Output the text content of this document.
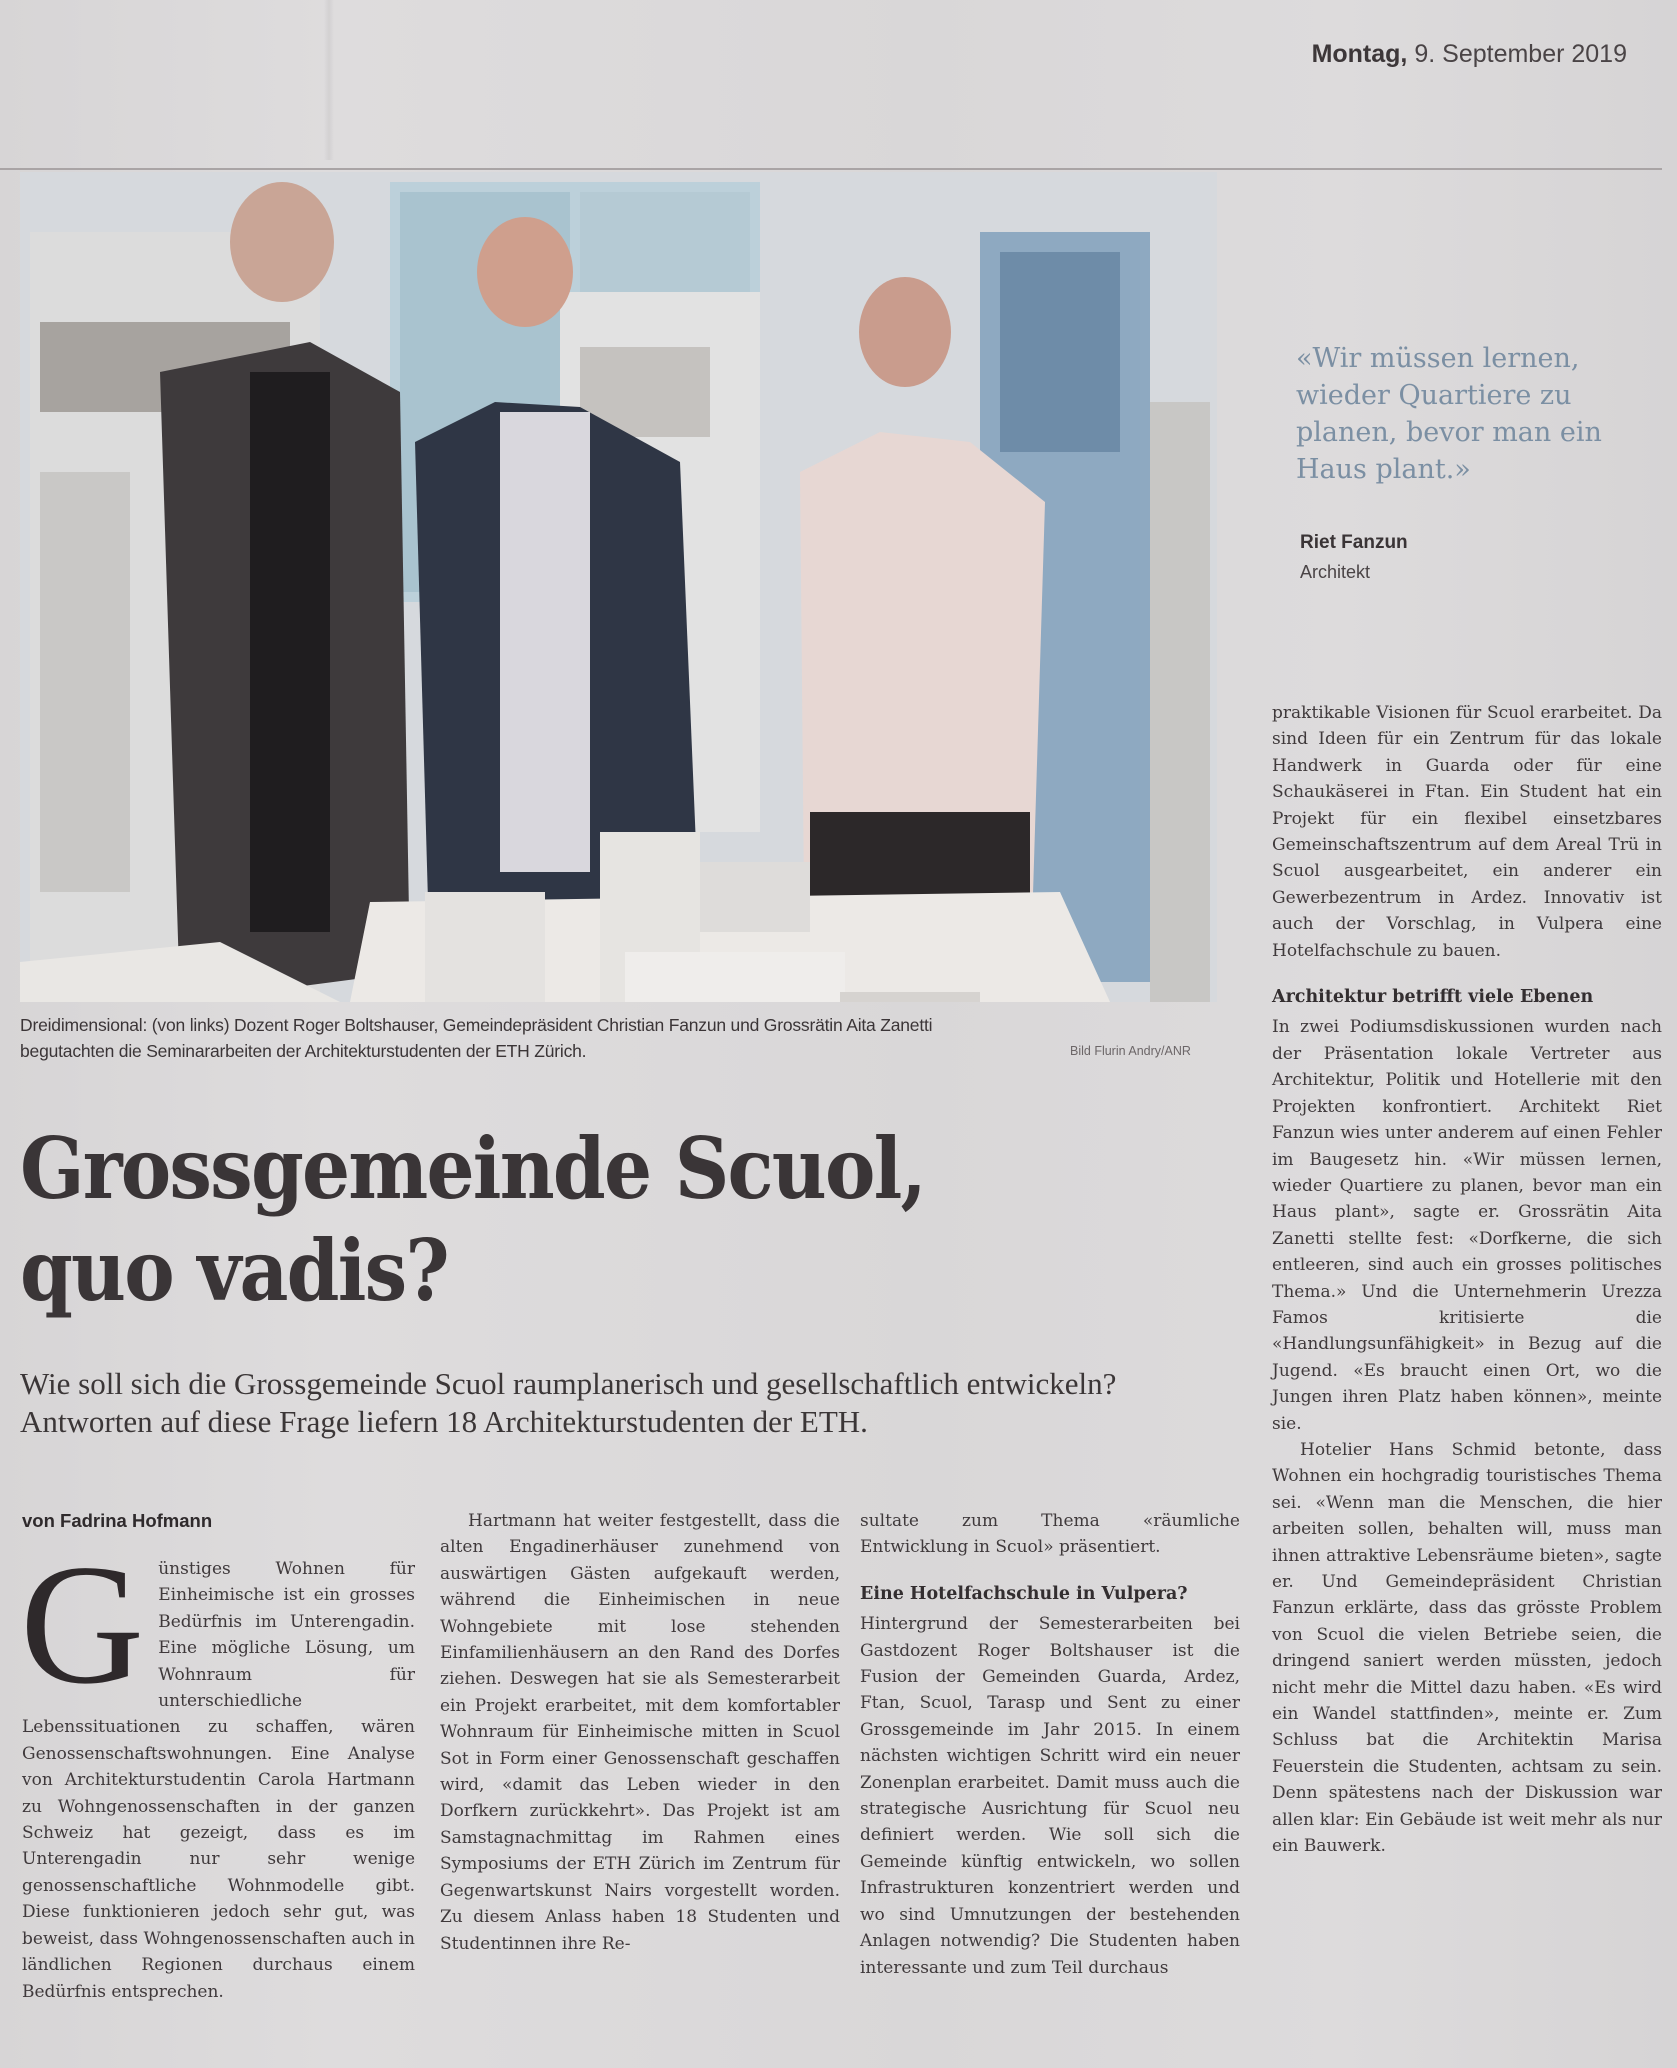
Montag, 9. September 2019
Dreidimensional: (von links) Dozent Roger Boltshauser, Gemeindepräsident Christian Fanzun und Grossrätin Aita Zanetti
begutachten die Seminararbeiten der Architekturstudenten der ETH Zürich.	Bild Flurin Andry/ANR
«Wir müssen lernen, wieder Quartiere zu planen, bevor man ein Haus plant.»
Riet Fanzun
Architekt
Grossgemeinde Scuol,
quo vadis?
Wie soll sich die Grossgemeinde Scuol raumplanerisch und gesellschaftlich entwickeln? Antworten auf diese Frage liefern 18 Architekturstudenten der ETH.
von Fadrina Hofmann

Günstiges Wohnen für Einheimische ist ein grosses Bedürfnis im Unterengadin. Eine mögliche Lösung, um Wohnraum für unterschiedliche Lebenssituationen zu schaffen, wären Genossenschaftswohnungen. Eine Analyse von Architekturstudentin Carola Hartmann zu Wohngenossenschaften in der ganzen Schweiz hat gezeigt, dass es im Unterengadin nur sehr wenige genossenschaftliche Wohnmodelle gibt. Diese funktionieren jedoch sehr gut, was beweist, dass Wohngenossenschaften auch in ländlichen Regionen durchaus einem Bedürfnis entsprechen.

Hartmann hat weiter festgestellt, dass die alten Engadinerhäuser zunehmend von auswärtigen Gästen aufgekauft werden, während die Einheimischen in neue Wohngebiete mit lose stehenden Einfamilienhäusern an den Rand des Dorfes ziehen. Deswegen hat sie als Semesterarbeit ein Projekt erarbeitet, mit dem komfortabler Wohnraum für Einheimische mitten in Scuol Sot in Form einer Genossenschaft geschaffen wird, «damit das Leben wieder in den Dorfkern zurückkehrt». Das Projekt ist am Samstagnachmittag im Rahmen eines Symposiums der ETH Zürich im Zentrum für Gegenwartskunst Nairs vorgestellt worden. Zu diesem Anlass haben 18 Studenten und Studentinnen ihre Re-

sultate zum Thema «räumliche Entwicklung in Scuol» präsentiert.

Eine Hotelfachschule in Vulpera?

Hintergrund der Semesterarbeiten bei Gastdozent Roger Boltshauser ist die Fusion der Gemeinden Guarda, Ardez, Ftan, Scuol, Tarasp und Sent zu einer Grossgemeinde im Jahr 2015. In einem nächsten wichtigen Schritt wird ein neuer Zonenplan erarbeitet. Damit muss auch die strategische Ausrichtung für Scuol neu definiert werden. Wie soll sich die Gemeinde künftig entwickeln, wo sollen Infrastrukturen konzentriert werden und wo sind Umnutzungen der bestehenden Anlagen notwendig? Die Studenten haben interessante und zum Teil durchaus

praktikable Visionen für Scuol erarbeitet. Da sind Ideen für ein Zentrum für das lokale Handwerk in Guarda oder für eine Schaukäserei in Ftan. Ein Student hat ein Projekt für ein flexibel einsetzbares Gemeinschaftszentrum auf dem Areal Trü in Scuol ausgearbeitet, ein anderer ein Gewerbezentrum in Ardez. Innovativ ist auch der Vorschlag, in Vulpera eine Hotelfachschule zu bauen.

Architektur betrifft viele Ebenen

In zwei Podiumsdiskussionen wurden nach der Präsentation lokale Vertreter aus Architektur, Politik und Hotellerie mit den Projekten konfrontiert. Architekt Riet Fanzun wies unter anderem auf einen Fehler im Baugesetz hin. «Wir müssen lernen, wieder Quartiere zu planen, bevor man ein Haus plant», sagte er. Grossrätin Aita Zanetti stellte fest: «Dorfkerne, die sich entleeren, sind auch ein grosses politisches Thema.» Und die Unternehmerin Urezza Famos kritisierte die «Handlungsunfähigkeit» in Bezug auf die Jugend. «Es braucht einen Ort, wo die Jungen ihren Platz haben können», meinte sie.

Hotelier Hans Schmid betonte, dass Wohnen ein hochgradig touristisches Thema sei. «Wenn man die Menschen, die hier arbeiten sollen, behalten will, muss man ihnen attraktive Lebensräume bieten», sagte er. Und Gemeindepräsident Christian Fanzun erklärte, dass das grösste Problem von Scuol die vielen Betriebe seien, die dringend saniert werden müssten, jedoch nicht mehr die Mittel dazu haben. «Es wird ein Wandel stattfinden», meinte er. Zum Schluss bat die Architektin Marisa Feuerstein die Studenten, achtsam zu sein. Denn spätestens nach der Diskussion war allen klar: Ein Gebäude ist weit mehr als nur ein Bauwerk.
